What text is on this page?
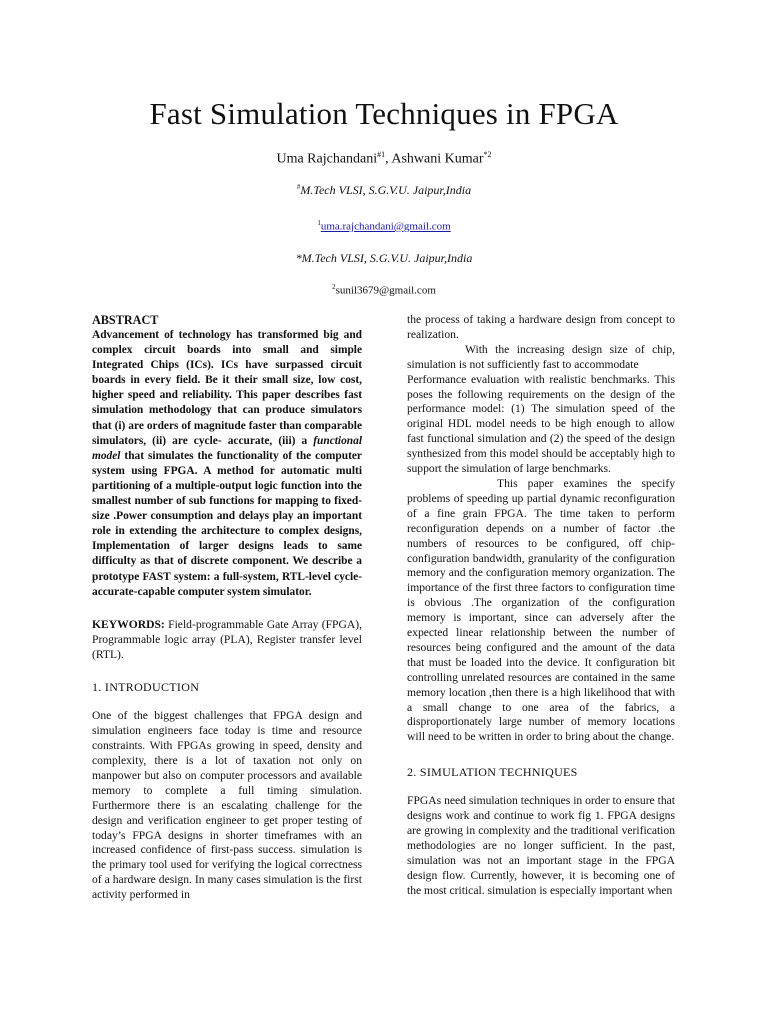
Fast Simulation Techniques in FPGA
Uma Rajchandani$^{\#1}$, Ashwani Kumar$^{*2}$
#M.Tech VLSI, S.G.V.U. Jaipur,India
$^1$uma.rajchandani@gmail.com
*M.Tech VLSI, S.G.V.U. Jaipur,India
$^2$sunil3679@gmail.com

ABSTRACT

Advancement of technology has transformed big and complex circuit boards into small and simple Integrated Chips (ICs). ICs have surpassed circuit boards in every field. Be it their small size, low cost, higher speed and reliability. This paper describes fast simulation methodology that can produce simulators that (i) are orders of magnitude faster than comparable simulators, (ii) are cycle- accurate, (iii) a functional model that simulates the functionality of the computer system using FPGA. A method for automatic multi partitioning of a multiple-output logic function into the smallest number of sub functions for mapping to fixed-size .Power consumption and delays play an important role in extending the architecture to complex designs, Implementation of larger designs leads to same difficulty as that of discrete component. We describe a prototype FAST system: a full-system, RTL-level cycle-accurate-capable computer system simulator.

KEYWORDS: Field-programmable Gate Array (FPGA), Programmable logic array (PLA), Register transfer level (RTL).

1. INTRODUCTION

One of the biggest challenges that FPGA design and simulation engineers face today is time and resource constraints. With FPGAs growing in speed, density and complexity, there is a lot of taxation not only on manpower but also on computer processors and available memory to complete a full timing simulation. Furthermore there is an escalating challenge for the design and verification engineer to get proper testing of today’s FPGA designs in shorter timeframes with an increased confidence of first-pass success. simulation is the primary tool used for verifying the logical correctness of a hardware design. In many cases simulation is the first activity performed in

the process of taking a hardware design from concept to realization.

With the increasing design size of chip, simulation is not sufficiently fast to accommodate

Performance evaluation with realistic benchmarks. This poses the following requirements on the design of the performance model: (1) The simulation speed of the original HDL model needs to be high enough to allow fast functional simulation and (2) the speed of the design synthesized from this model should be acceptably high to support the simulation of large benchmarks.

This paper examines the specify problems of speeding up partial dynamic reconfiguration of a fine grain FPGA. The time taken to perform reconfiguration depends on a number of factor .the numbers of resources to be configured, off chip-configuration bandwidth, granularity of the configuration memory and the configuration memory organization. The importance of the first three factors to configuration time is obvious .The organization of the configuration memory is important, since can adversely after the expected linear relationship between the number of resources being configured and the amount of the data that must be loaded into the device. It configuration bit controlling unrelated resources are contained in the same memory location ,then there is a high likelihood that with a small change to one area of the fabrics, a disproportionately large number of memory locations will need to be written in order to bring about the change.

2. SIMULATION TECHNIQUES

FPGAs need simulation techniques in order to ensure that designs work and continue to work fig 1. FPGA designs are growing in complexity and the traditional verification methodologies are no longer sufficient. In the past, simulation was not an important stage in the FPGA design flow. Currently, however, it is becoming one of the most critical. simulation is especially important when
